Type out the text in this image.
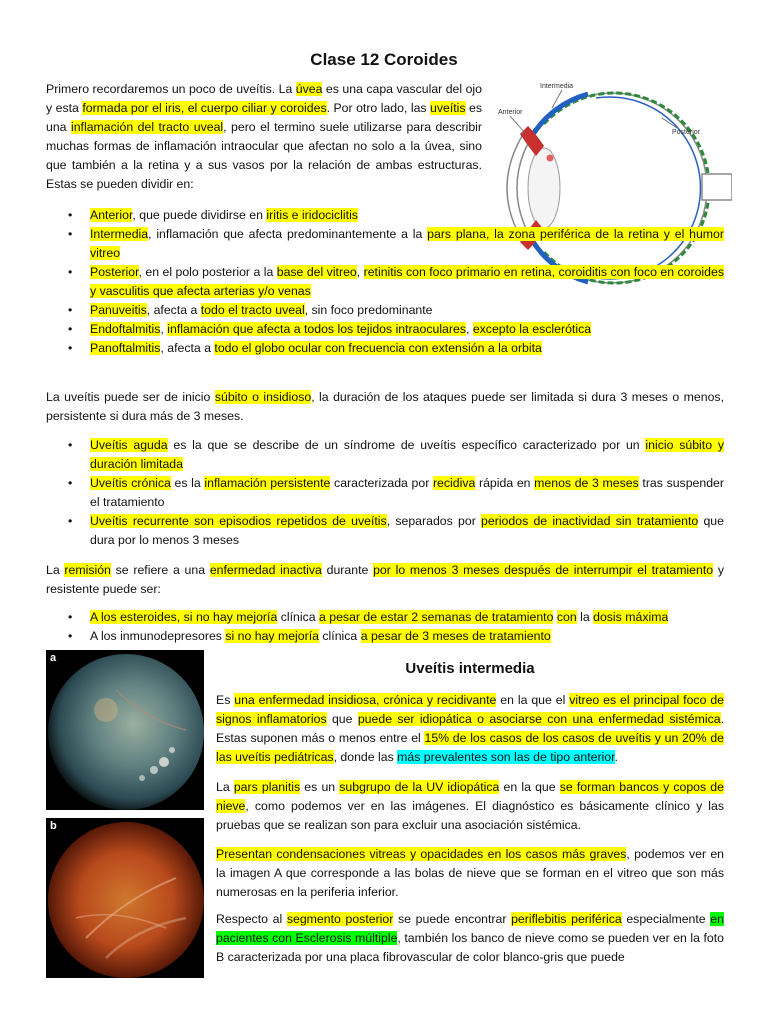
Clase 12 Coroides
Primero recordaremos un poco de uveítis. La úvea es una capa vascular del ojo y esta formada por el iris, el cuerpo ciliar y coroides. Por otro lado, las uveítis es una inflamación del tracto uveal, pero el termino suele utilizarse para describir muchas formas de inflamación intraocular que afectan no solo a la úvea, sino que también a la retina y a sus vasos por la relación de ambas estructuras. Estas se pueden dividir en:
Intermedia
Anterior
Posterior
• Anterior, que puede dividirse en iritis e iridociclitis
• Intermedia, inflamación que afecta predominantemente a la pars plana, la zona periférica de la retina y el humor vitreo
• Posterior, en el polo posterior a la base del vitreo, retinitis con foco primario en retina, coroiditis con foco en coroides y vasculitis que afecta arterias y/o venas
• Panuveitis, afecta a todo el tracto uveal, sin foco predominante
• Endoftalmitis, inflamación que afecta a todos los tejidos intraoculares, excepto la esclerótica
• Panoftalmitis, afecta a todo el globo ocular con frecuencia con extensión a la orbita
La uveítis puede ser de inicio súbito o insidioso, la duración de los ataques puede ser limitada si dura 3 meses o menos, persistente si dura más de 3 meses.
• Uveítis aguda es la que se describe de un síndrome de uveítis específico caracterizado por un inicio súbito y duración limitada
• Uveítis crónica es la inflamación persistente caracterizada por recidiva rápida en menos de 3 meses tras suspender el tratamiento
• Uveítis recurrente son episodios repetidos de uveítis, separados por periodos de inactividad sin tratamiento que dura por lo menos 3 meses
La remisión se refiere a una enfermedad inactiva durante por lo menos 3 meses después de interrumpir el tratamiento y resistente puede ser:
• A los esteroides, si no hay mejoría clínica a pesar de estar 2 semanas de tratamiento con la dosis máxima
• A los inmunodepresores si no hay mejoría clínica a pesar de 3 meses de tratamiento
a
b
Uveítis intermedia
Es una enfermedad insidiosa, crónica y recidivante en la que el vitreo es el principal foco de signos inflamatorios que puede ser idiopática o asociarse con una enfermedad sistémica. Estas suponen más o menos entre el 15% de los casos de los casos de uveítis y un 20% de las uveítis pediátricas, donde las más prevalentes son las de tipo anterior.
La pars planitis es un subgrupo de la UV idiopática en la que se forman bancos y copos de nieve, como podemos ver en las imágenes. El diagnóstico es básicamente clínico y las pruebas que se realizan son para excluir una asociación sistémica.
Presentan condensaciones vitreas y opacidades en los casos más graves, podemos ver en la imagen A que corresponde a las bolas de nieve que se forman en el vitreo que son más numerosas en la periferia inferior.
Respecto al segmento posterior se puede encontrar periflebitis periférica especialmente en pacientes con Esclerosis múltiple, también los banco de nieve como se pueden ver en la foto B caracterizada por una placa fibrovascular de color blanco-gris que puede
